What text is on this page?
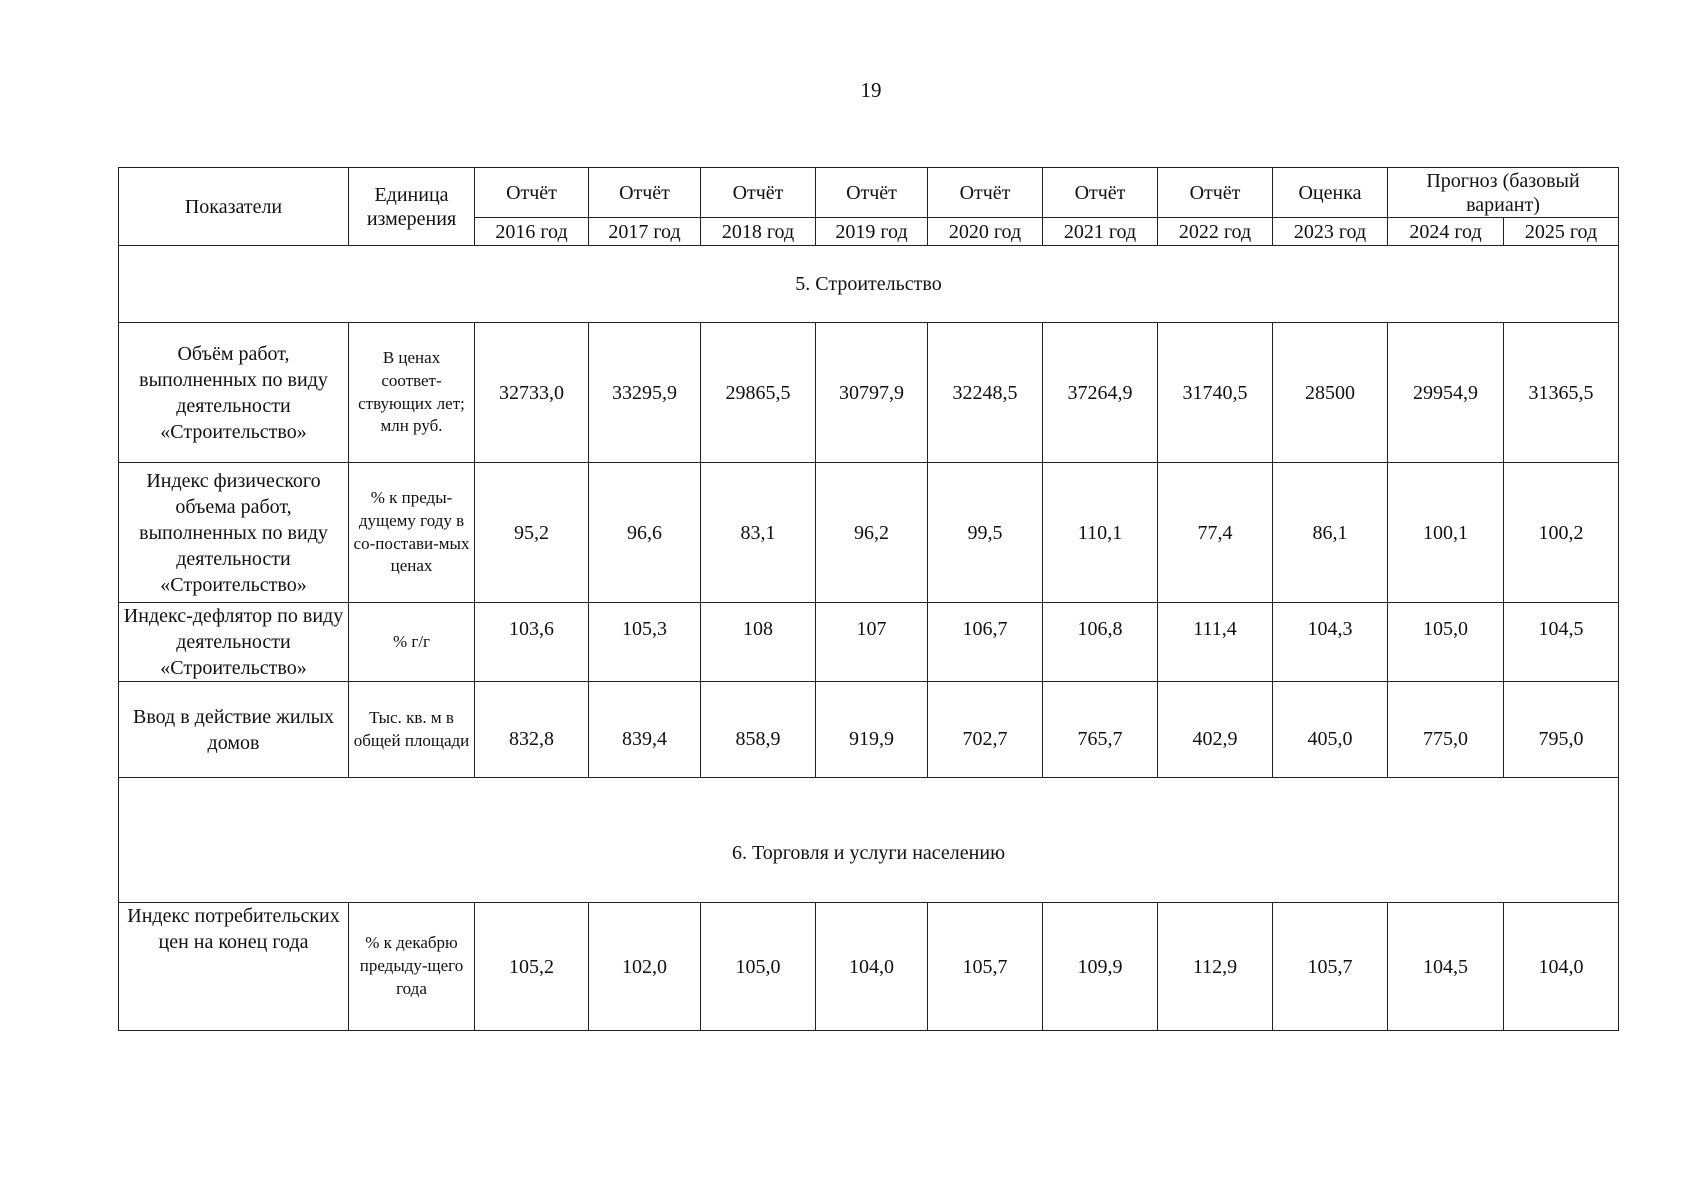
19
Показатели	Единица измерения	Отчёт	Отчёт	Отчёт	Отчёт	Отчёт	Отчёт	Отчёт	Оценка	Прогноз (базовый вариант)	
		2016 год	2017 год	2018 год	2019 год	2020 год	2021 год	2022 год	2023 год	2024 год	2025 год
5. Строительство											
Объём работ, выполненных по виду деятельности «Строительство»	В ценах соответ-ствующих лет; млн руб.	32733,0	33295,9	29865,5	30797,9	32248,5	37264,9	31740,5	28500	29954,9	31365,5
Индекс физического объема работ, выполненных по виду деятельности «Строительство»	% к преды-дущему году в со-постави-мых ценах	95,2	96,6	83,1	96,2	99,5	110,1	77,4	86,1	100,1	100,2
Индекс-дефлятор по виду деятельности «Строительство»	% г/г	103,6	105,3	108	107	106,7	106,8	111,4	104,3	105,0	104,5
Ввод в действие жилых домов	Тыс. кв. м в общей площади	832,8	839,4	858,9	919,9	702,7	765,7	402,9	405,0	775,0	795,0
6. Торговля и услуги населению											
Индекс потребительских цен на конец года	% к декабрю предыду-щего года	105,2	102,0	105,0	104,0	105,7	109,9	112,9	105,7	104,5	104,0
